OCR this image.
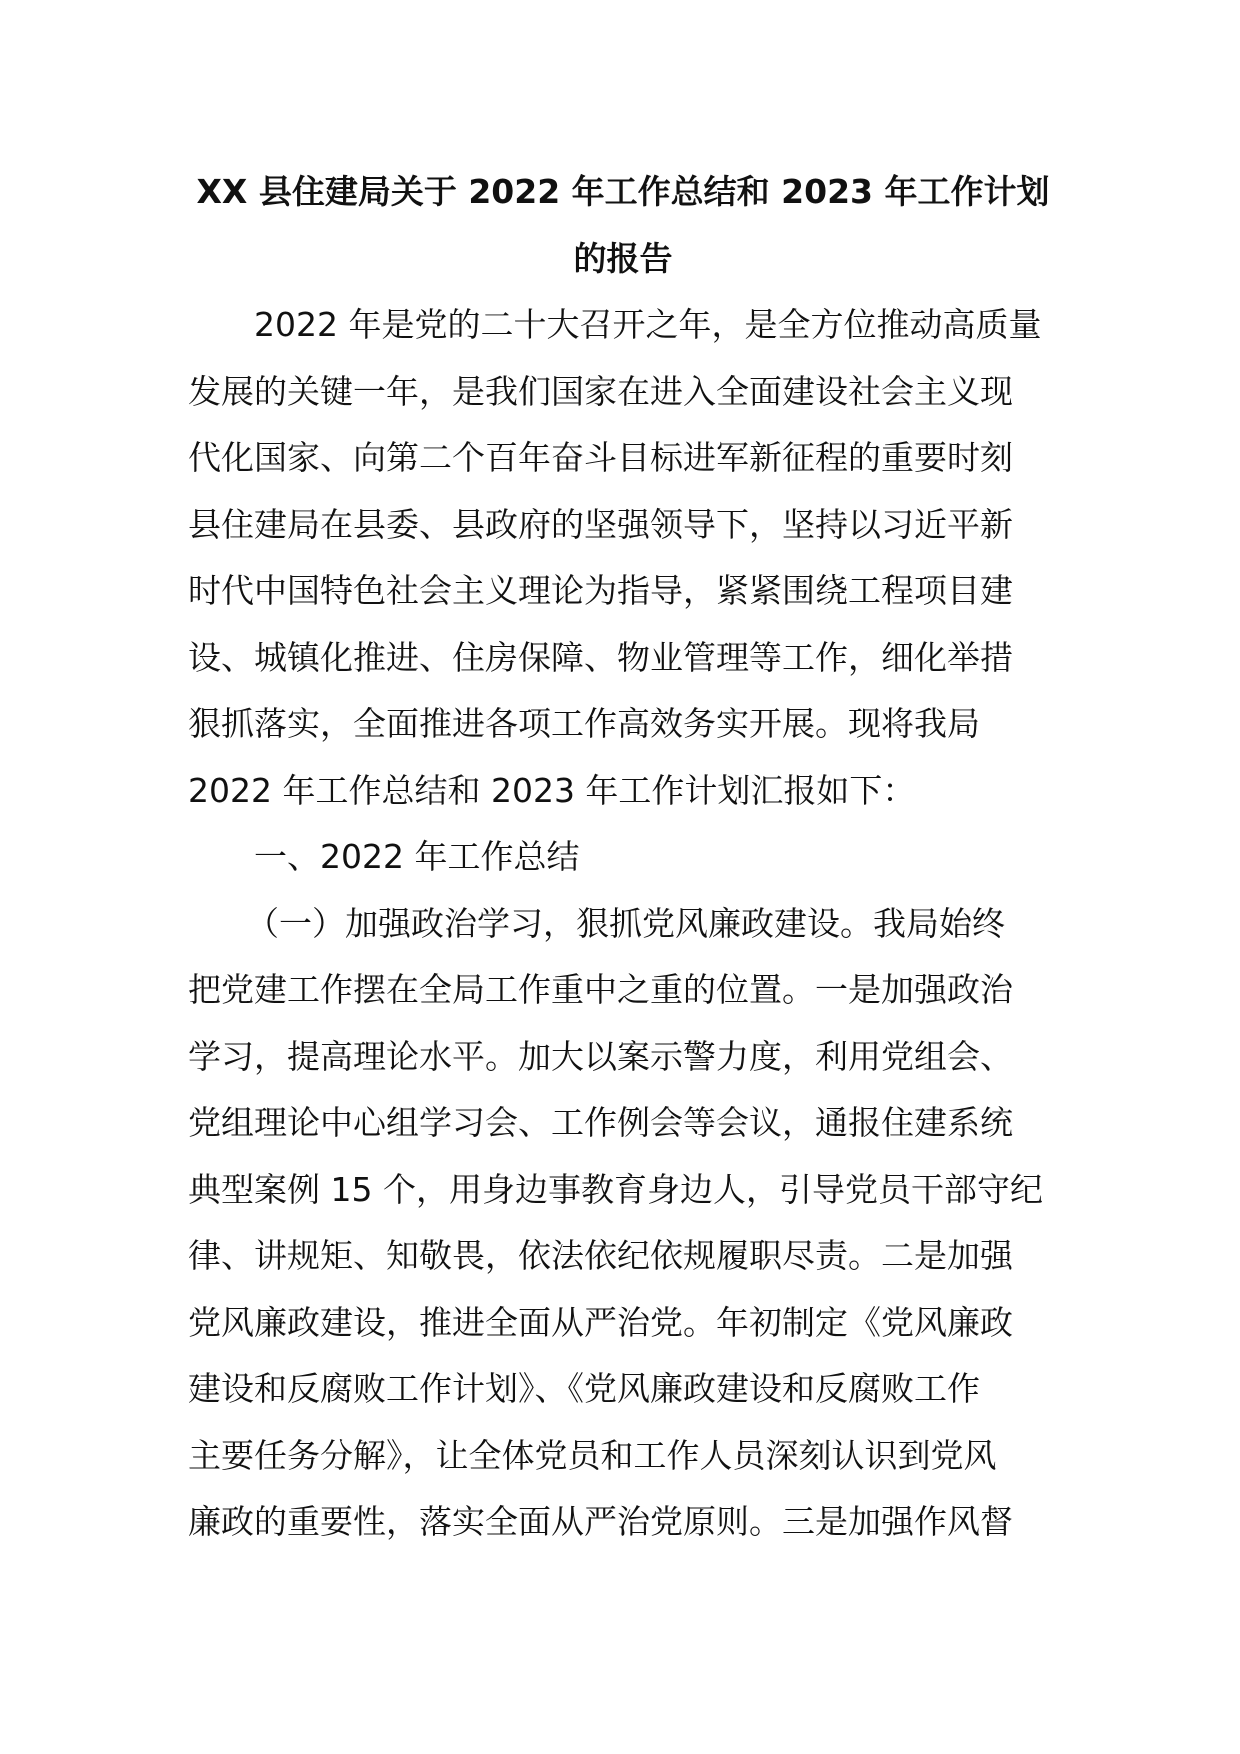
XX 县住建局关于 2022 年工作总结和 2023 年工作计划
的报告

2022 年是党的二十大召开之年，是全方位推动高质量
发展的关键一年，是我们国家在进入全面建设社会主义现
代化国家、向第二个百年奋斗目标进军新征程的重要时刻
县住建局在县委、县政府的坚强领导下，坚持以习近平新
时代中国特色社会主义理论为指导，紧紧围绕工程项目建
设、城镇化推进、住房保障、物业管理等工作，细化举措
狠抓落实，全面推进各项工作高效务实开展。现将我局
2022 年工作总结和 2023 年工作计划汇报如下：

一、2022 年工作总结

（一）加强政治学习，狠抓党风廉政建设。我局始终
把党建工作摆在全局工作重中之重的位置。一是加强政治
学习，提高理论水平。加大以案示警力度，利用党组会、
党组理论中心组学习会、工作例会等会议，通报住建系统
典型案例 15 个，用身边事教育身边人，引导党员干部守纪
律、讲规矩、知敬畏，依法依纪依规履职尽责。二是加强
党风廉政建设，推进全面从严治党。年初制定《党风廉政
建设和反腐败工作计划》、《党风廉政建设和反腐败工作
主要任务分解》，让全体党员和工作人员深刻认识到党风
廉政的重要性，落实全面从严治党原则。三是加强作风督
